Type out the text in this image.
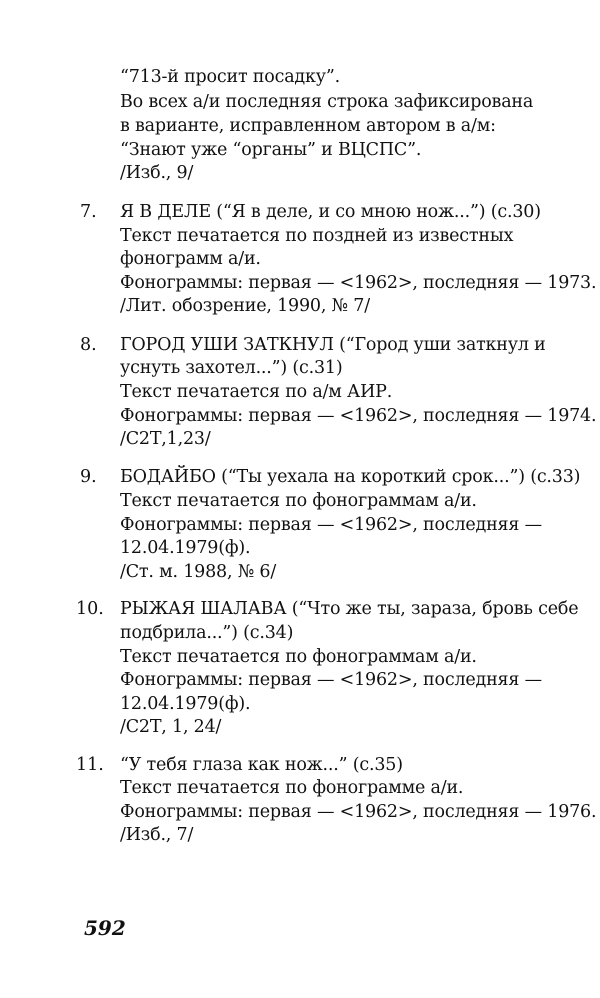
“713-й просит посадку”.
Во всех а/и последняя строка зафиксирована
в варианте, исправленном автором в а/м:
“Знают уже “органы” и ВЦСПС”.
/Изб., 9/
7. Я В ДЕЛЕ (“Я в деле, и со мною нож...”) (с.30)
Текст печатается по поздней из известных
фонограмм а/и.
Фонограммы: первая — <1962>, последняя — 1973.
/Лит. обозрение, 1990, № 7/
8. ГОРОД УШИ ЗАТКНУЛ (“Город уши заткнул и
уснуть захотел...”) (с.31)
Текст печатается по а/м АИР.
Фонограммы: первая — <1962>, последняя — 1974.
/С2Т,1,23/
9. БОДАЙБО (“Ты уехала на короткий срок...”) (с.33)
Текст печатается по фонограммам а/и.
Фонограммы: первая — <1962>, последняя —
12.04.1979(ф).
/Ст. м. 1988, № 6/
10. РЫЖАЯ ШАЛАВА (“Что же ты, зараза, бровь себе
подбрила...”) (с.34)
Текст печатается по фонограммам а/и.
Фонограммы: первая — <1962>, последняя —
12.04.1979(ф).
/С2Т, 1, 24/
11. “У тебя глаза как нож...” (с.35)
Текст печатается по фонограмме а/и.
Фонограммы: первая — <1962>, последняя — 1976.
/Изб., 7/
592
